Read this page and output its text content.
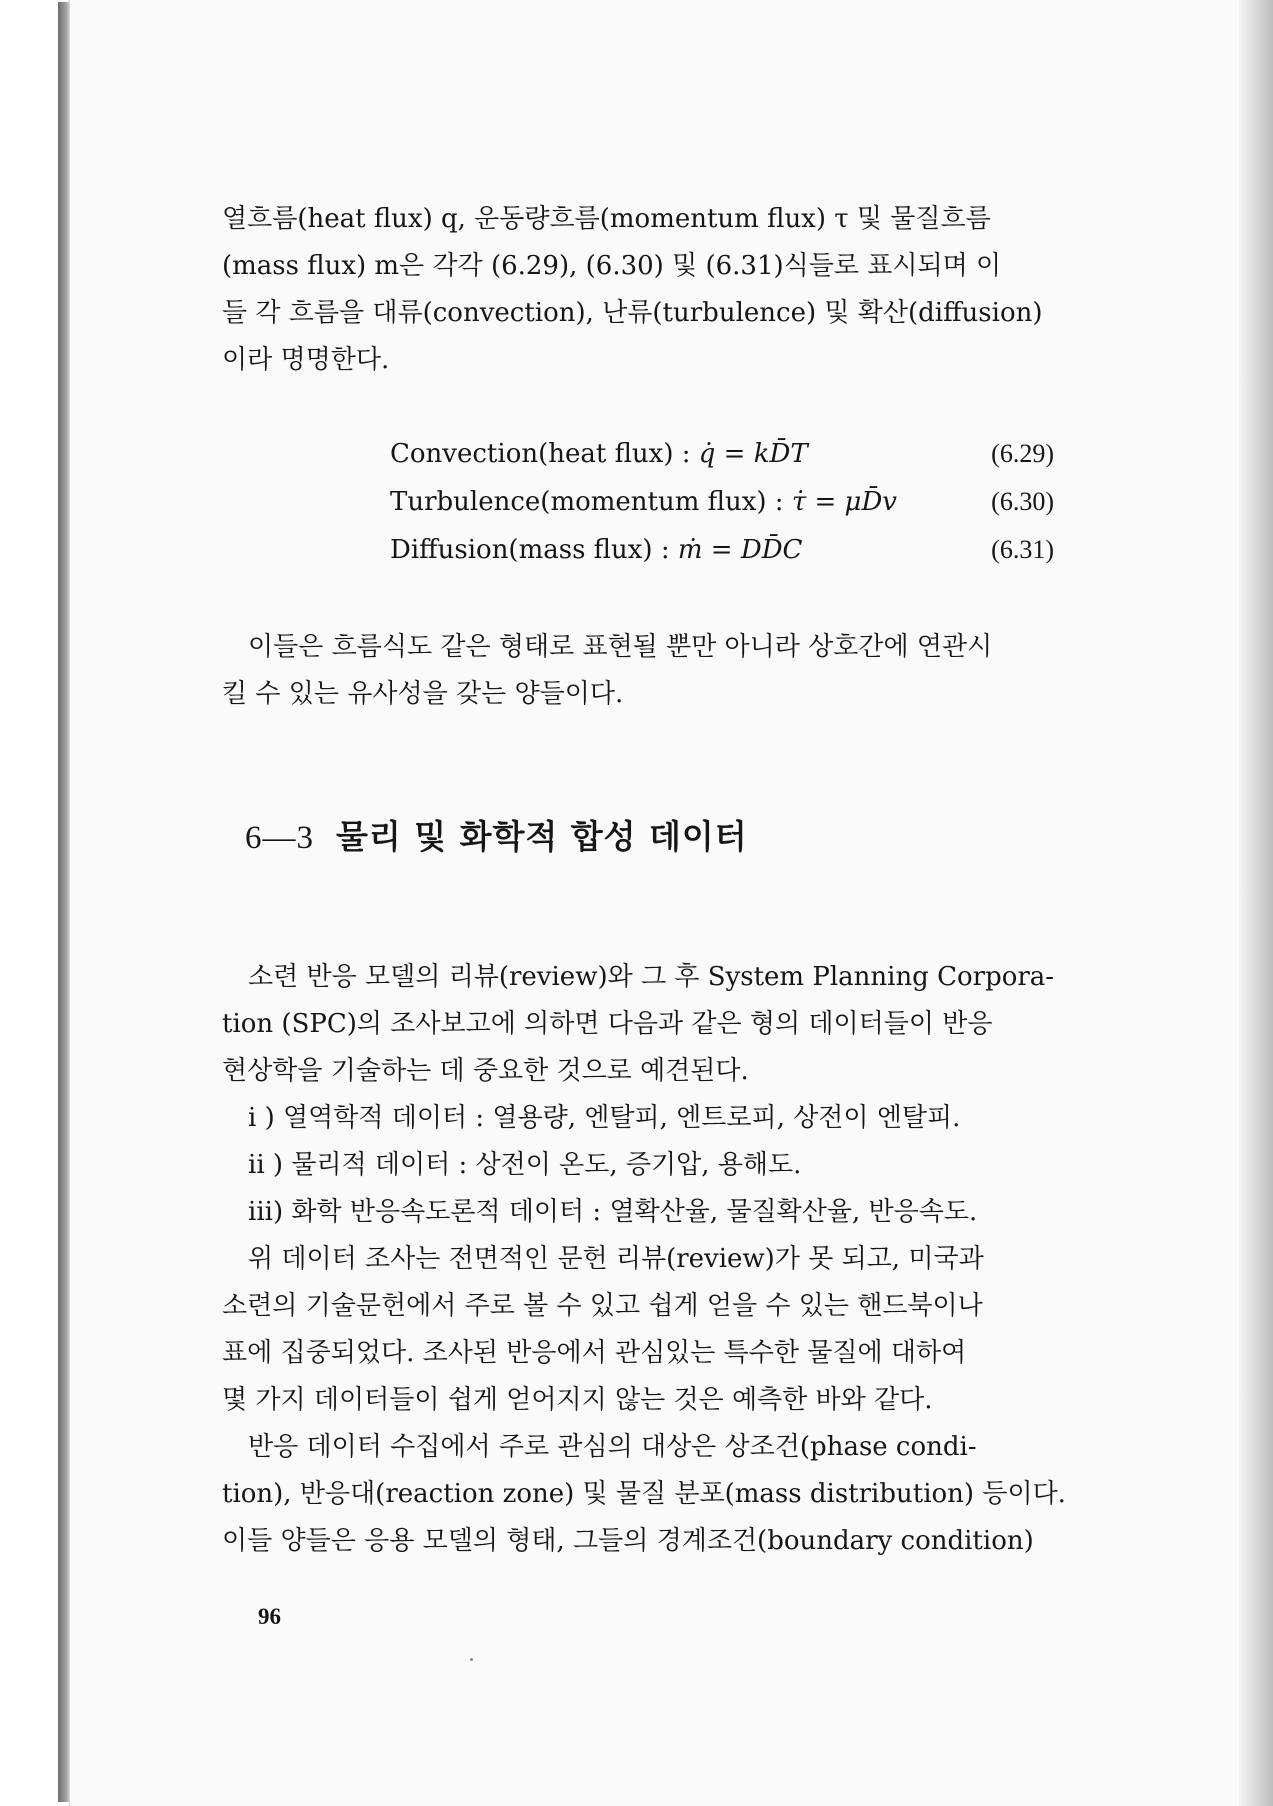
열흐름(heat flux) q, 운동량흐름(momentum flux) τ 및 물질흐름

(mass flux) m은 각각 (6.29), (6.30) 및 (6.31)식들로 표시되며 이

들 각 흐름을 대류(convection), 난류(turbulence) 및 확산(diffusion)

이라 명명한다.

Convection(heat flux) : q̇ = kD̄T	(6.29)
Turbulence(momentum flux) : τ̇ = μD̄v	(6.30)
Diffusion(mass flux) : ṁ = DD̄C	(6.31)

이들은 흐름식도 같은 형태로 표현될 뿐만 아니라 상호간에 연관시

킬 수 있는 유사성을 갖는 양들이다.

6—3 물리 및 화학적 합성 데이터

소련 반응 모델의 리뷰(review)와 그 후 System Planning Corpora-

tion (SPC)의 조사보고에 의하면 다음과 같은 형의 데이터들이 반응

현상학을 기술하는 데 중요한 것으로 예견된다.

i ) 열역학적 데이터 : 열용량, 엔탈피, 엔트로피, 상전이 엔탈피.

ii ) 물리적 데이터 : 상전이 온도, 증기압, 용해도.

iii) 화학 반응속도론적 데이터 : 열확산율, 물질확산율, 반응속도.

위 데이터 조사는 전면적인 문헌 리뷰(review)가 못 되고, 미국과

소련의 기술문헌에서 주로 볼 수 있고 쉽게 얻을 수 있는 핸드북이나

표에 집중되었다. 조사된 반응에서 관심있는 특수한 물질에 대하여

몇 가지 데이터들이 쉽게 얻어지지 않는 것은 예측한 바와 같다.

반응 데이터 수집에서 주로 관심의 대상은 상조건(phase condi-

tion), 반응대(reaction zone) 및 물질 분포(mass distribution) 등이다.

이들 양들은 응용 모델의 형태, 그들의 경계조건(boundary condition)

96
